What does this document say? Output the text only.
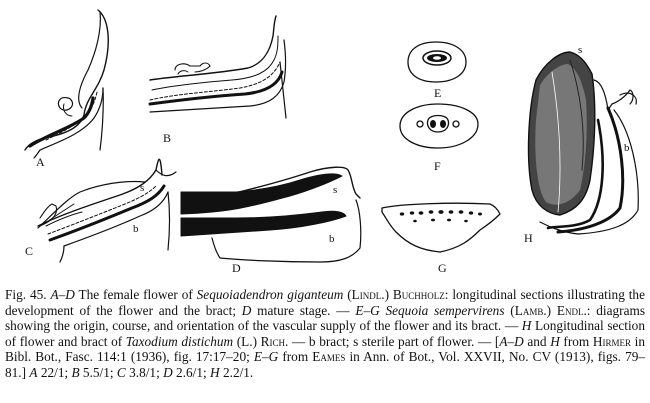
A
B
C
s
b
D
s
b
E
F
G
H
s
b

Fig. 45. A–D The female flower of Sequoiadendron giganteum (Lindl.) Buchholz: longitudinal sections illustrating the development of the flower and the bract; D mature stage. — E–G Sequoia sempervirens (Lamb.) Endl.: diagrams showing the origin, course, and orientation of the vascular supply of the flower and its bract. — H Longitudinal section of flower and bract of Taxodium distichum (L.) Rich. — b bract; s sterile part of flower. — [A–D and H from Hirmer in Bibl. Bot., Fasc. 114:1 (1936), fig. 17:17–20; E–G from Eames in Ann. of Bot., Vol. XXVII, No. CV (1913), figs. 79–81.] A 22/1; B 5.5/1; C 3.8/1; D 2.6/1; H 2.2/1.
